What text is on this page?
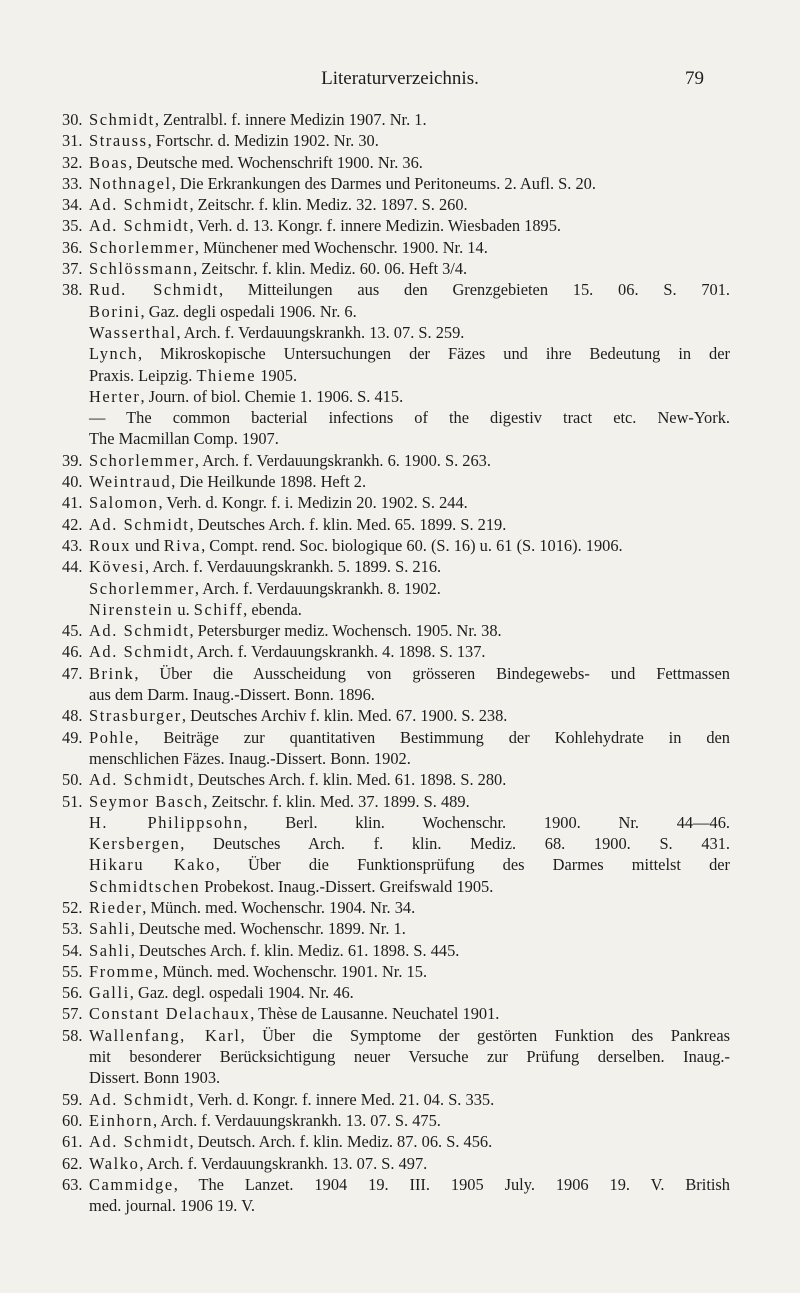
Literaturverzeichnis.	79
30. Schmidt, Zentralbl. f. innere Medizin 1907. Nr. 1.
31. Strauss, Fortschr. d. Medizin 1902. Nr. 30.
32. Boas, Deutsche med. Wochenschrift 1900. Nr. 36.
33. Nothnagel, Die Erkrankungen des Darmes und Peritoneums. 2. Aufl. S. 20.
34. Ad. Schmidt, Zeitschr. f. klin. Mediz. 32. 1897. S. 260.
35. Ad. Schmidt, Verh. d. 13. Kongr. f. innere Medizin. Wiesbaden 1895.
36. Schorlemmer, Münchener med Wochenschr. 1900. Nr. 14.
37. Schlössmann, Zeitschr. f. klin. Mediz. 60. 06. Heft 3/4.
38. Rud. Schmidt, Mitteilungen aus den Grenzgebieten 15. 06. S. 701.
Borini, Gaz. degli ospedali 1906. Nr. 6.
Wasserthal, Arch. f. Verdauungskrankh. 13. 07. S. 259.
Lynch, Mikroskopische Untersuchungen der Fäzes und ihre Bedeutung in der
Praxis. Leipzig. Thieme 1905.
Herter, Journ. of biol. Chemie 1. 1906. S. 415.
— The common bacterial infections of the digestiv tract etc. New-York.
The Macmillan Comp. 1907.
39. Schorlemmer, Arch. f. Verdauungskrankh. 6. 1900. S. 263.
40. Weintraud, Die Heilkunde 1898. Heft 2.
41. Salomon, Verh. d. Kongr. f. i. Medizin 20. 1902. S. 244.
42. Ad. Schmidt, Deutsches Arch. f. klin. Med. 65. 1899. S. 219.
43. Roux und Riva, Compt. rend. Soc. biologique 60. (S. 16) u. 61 (S. 1016). 1906.
44. Kövesi, Arch. f. Verdauungskrankh. 5. 1899. S. 216.
Schorlemmer, Arch. f. Verdauungskrankh. 8. 1902.
Nirenstein u. Schiff, ebenda.
45. Ad. Schmidt, Petersburger mediz. Wochensch. 1905. Nr. 38.
46. Ad. Schmidt, Arch. f. Verdauungskrankh. 4. 1898. S. 137.
47. Brink, Über die Ausscheidung von grösseren Bindegewebs- und Fettmassen
aus dem Darm. Inaug.-Dissert. Bonn. 1896.
48. Strasburger, Deutsches Archiv f. klin. Med. 67. 1900. S. 238.
49. Pohle, Beiträge zur quantitativen Bestimmung der Kohlehydrate in den
menschlichen Fäzes. Inaug.-Dissert. Bonn. 1902.
50. Ad. Schmidt, Deutsches Arch. f. klin. Med. 61. 1898. S. 280.
51. Seymor Basch, Zeitschr. f. klin. Med. 37. 1899. S. 489.
H. Philippsohn, Berl. klin. Wochenschr. 1900. Nr. 44—46.
Kersbergen, Deutsches Arch. f. klin. Mediz. 68. 1900. S. 431.
Hikaru Kako, Über die Funktionsprüfung des Darmes mittelst der
Schmidtschen Probekost. Inaug.-Dissert. Greifswald 1905.
52. Rieder, Münch. med. Wochenschr. 1904. Nr. 34.
53. Sahli, Deutsche med. Wochenschr. 1899. Nr. 1.
54. Sahli, Deutsches Arch. f. klin. Mediz. 61. 1898. S. 445.
55. Fromme, Münch. med. Wochenschr. 1901. Nr. 15.
56. Galli, Gaz. degl. ospedali 1904. Nr. 46.
57. Constant Delachaux, Thèse de Lausanne. Neuchatel 1901.
58. Wallenfang, Karl, Über die Symptome der gestörten Funktion des Pankreas
mit besonderer Berücksichtigung neuer Versuche zur Prüfung derselben. Inaug.-
Dissert. Bonn 1903.
59. Ad. Schmidt, Verh. d. Kongr. f. innere Med. 21. 04. S. 335.
60. Einhorn, Arch. f. Verdauungskrankh. 13. 07. S. 475.
61. Ad. Schmidt, Deutsch. Arch. f. klin. Mediz. 87. 06. S. 456.
62. Walko, Arch. f. Verdauungskrankh. 13. 07. S. 497.
63. Cammidge, The Lanzet. 1904 19. III. 1905 July. 1906 19. V. British
med. journal. 1906 19. V.
